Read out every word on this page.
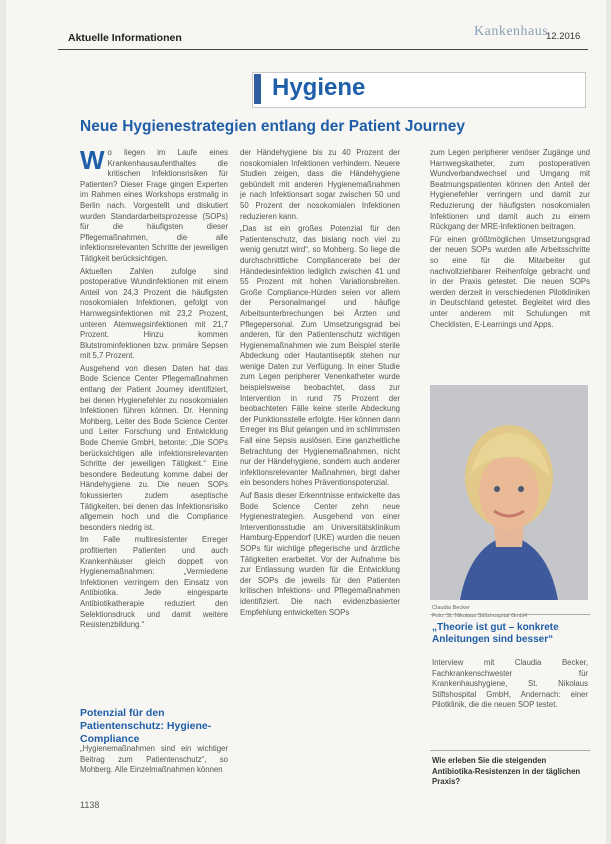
Aktuelle Informationen	Kankenhaus
12.2016
Hygiene
Neue Hygienestrategien entlang der Patient Journey

Wo liegen im Laufe eines Krankenhausaufenthaltes die kritischen Infektionsrisiken für Patienten? Dieser Frage gingen Experten im Rahmen eines Workshops erstmalig in Berlin nach. Vorgestellt und diskutiert wurden Standardarbeitsprozesse (SOPs) für die häufigsten dieser Pflegemaßnahmen, die alle infektionsrelevanten Schritte der jeweiligen Tätigkeit berücksichtigen.

Aktuellen Zahlen zufolge sind postoperative Wundinfektionen mit einem Anteil von 24,3 Prozent die häufigsten nosokomialen Infektionen, gefolgt von Harnwegsinfektionen mit 23,2 Prozent, unteren Atemwegsinfektionen mit 21,7 Prozent. Hinzu kommen Blutstrominfektionen bzw. primäre Sepsen mit 5,7 Prozent.

Ausgehend von diesen Daten hat das Bode Science Center Pflegemaßnahmen entlang der Patient Journey identifiziert, bei denen Hygienefehler zu nosokomialen Infektionen führen können. Dr. Henning Mohberg, Leiter des Bode Science Center und Leiter Forschung und Entwicklung Bode Chemie GmbH, betonte: „Die SOPs berücksichtigen alle infektionsrelevanten Schritte der jeweiligen Tätigkeit.“ Eine besondere Bedeutung komme dabei der Händehygiene zu. Die neuen SOPs fokussierten zudem aseptische Tätigkeiten, bei denen das Infektionsrisiko allgemein hoch und die Compliance besonders niedrig ist.

Im Falle multiresistenter Erreger profitierten Patienten und auch Krankenhäuser gleich doppelt von Hygienemaßnahmen: „Vermiedene Infektionen verringern den Einsatz von Antibiotika. Jede eingesparte Antibiotikatherapie reduziert den Selektionsdruck und damit weitere Resistenzbildung.“

Potenzial für den Patientenschutz: Hygiene-Compliance

„Hygienemaßnahmen sind ein wichtiger Beitrag zum Patientenschutz“, so Mohberg. Alle Einzelmaßnahmen können

1138

der Händehygiene bis zu 40 Prozent der nosokomialen Infektionen verhindern. Neuere Studien zeigen, dass die Händehygiene gebündelt mit anderen Hygienemaßnahmen je nach Infektionsart sogar zwischen 50 und 50 Prozent der nosokomialen Infektionen reduzieren kann.

„Das ist ein großes Potenzial für den Patientenschutz, das bislang noch viel zu wenig genutzt wird“, so Mohberg. So liege die durchschnittliche Compliancerate bei der Händedesinfektion lediglich zwischen 41 und 55 Prozent mit hohen Variationsbreiten. Große Compliance-Hürden seien vor allem der Personalmangel und häufige Arbeitsunterbrechungen bei Ärzten und Pflegepersonal. Zum Umsetzungsgrad bei anderen, für den Patientenschutz wichtigen Hygienemaßnahmen wie zum Beispiel sterile Abdeckung oder Hautantiseptik stehen nur wenige Daten zur Verfügung. In einer Studie zum Legen peripherer Venenkatheter wurde beispielsweise beobachtet, dass zur Intervention in rund 75 Prozent der beobachteten Fälle keine sterile Abdeckung der Punktionsstelle erfolgte. Hier können dann Erreger ins Blut gelangen und im schlimmsten Fall eine Sepsis auslösen. Eine ganzheitliche Betrachtung der Hygienemaßnahmen, nicht nur der Händehygiene, sondern auch anderer infektionsrelevanter Maßnahmen, birgt daher ein besonders hohes Präventionspotenzial.

Auf Basis dieser Erkenntnisse entwickelte das Bode Science Center zehn neue Hygienestrategien. Ausgehend von einer Interventionsstudie am Universitätsklinikum Hamburg-Eppendorf (UKE) wurden die neuen SOPs für wichtige pflegerische und ärztliche Tätigkeiten erarbeitet. Vor der Aufnahme bis zur Entlassung wurden für die Entwicklung der SOPs die jeweils für den Patienten kritischen Infektions- und Pflegemaßnahmen identifiziert. Die nach evidenzbasierter Empfehlung entwickelten SOPs

zum Legen peripherer venöser Zugänge und Harnwegskatheter, zum postoperativen Wundverbandwechsel und Umgang mit Beatmungspatienten können den Anteil der Hygienefehler verringern und damit zur Reduzierung der häufigsten nosokomialen Infektionen und damit auch zu einem Rückgang der MRE-Infektionen beitragen.

Für einen größtmöglichen Umsetzungsgrad der neuen SOPs wurden alle Arbeitsschritte so eine für die Mitarbeiter gut nachvollziehbarer Reihenfolge gebracht und in der Praxis getestet. Die neuen SOPs werden derzeit in verschiedenen Pilotkliniken in Deutschland getestet. Begleitet wird dies unter anderem mit Schulungen mit Checklisten, E-Learnings und Apps.

Claudia Becker
Foto: St. Nikolaus Stiftshospital GmbH
„Theorie ist gut – konkrete Anleitungen sind besser“

Interview mit Claudia Becker, Fachkrankenschwester für Krankenhaushygiene, St. Nikolaus Stiftshospital GmbH, Andernach: einer Pilotklinik, die die neuen SOP testet.

Wie erleben Sie die steigenden Antibiotika-Resistenzen in der täglichen Praxis?
